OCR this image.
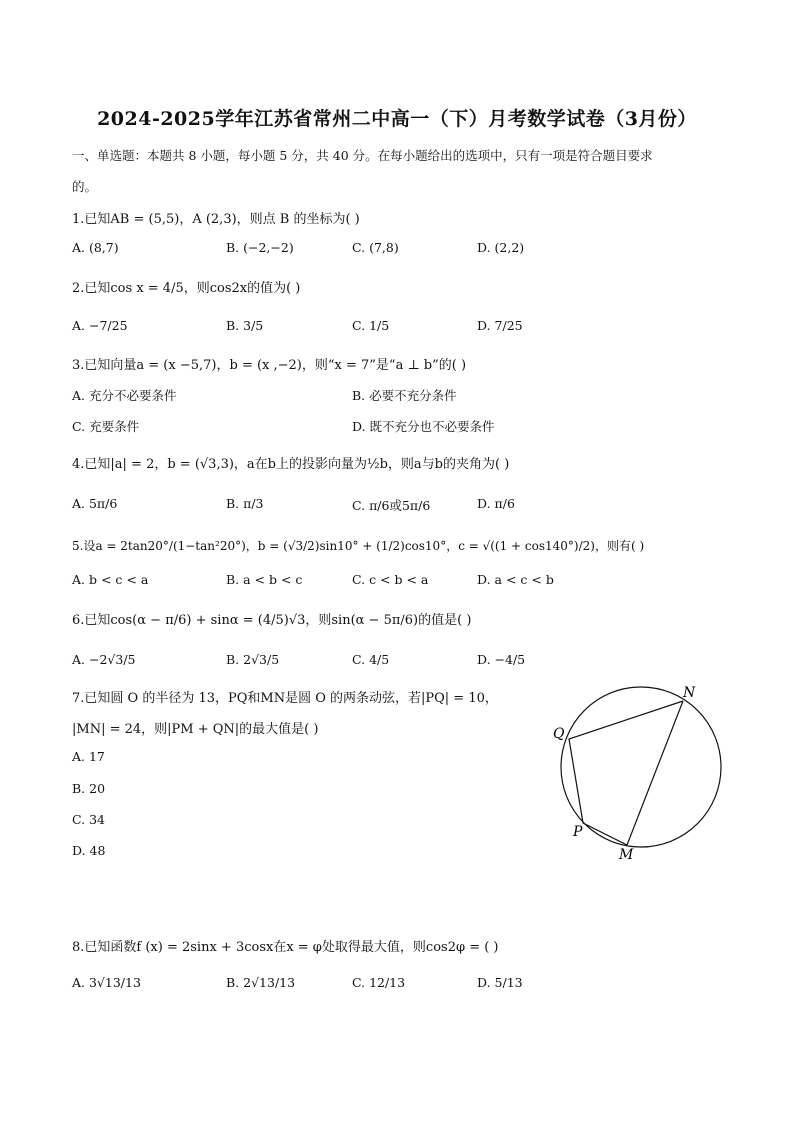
2024-2025学年江苏省常州二中高一（下）月考数学试卷（3月份）
一、单选题：本题共 8 小题，每小题 5 分，共 40 分。在每小题给出的选项中，只有一项是符合题目要求
的。
1.已知AB = (5,5)，A (2,3)，则点 B 的坐标为( )
A. (8,7)	B. (−2,−2)	C. (7,8)	D. (2,2)
2.已知cos x = 4/5，则cos2x的值为( )
A. −7/25	B. 3/5	C. 1/5	D. 7/25
3.已知向量a = (x −5,7)，b = (x ,−2)，则“x = 7”是“a ⊥ b”的( )
A. 充分不必要条件	B. 必要不充分条件
C. 充要条件	D. 既不充分也不必要条件
4.已知|a| = 2，b = (√3,3)，a在b上的投影向量为½b，则a与b的夹角为( )
A. 5π/6	B. π/3	C. π/6或5π/6	D. π/6
5.设a = 2tan20°/(1−tan²20°)，b = (√3/2)sin10° + (1/2)cos10°，c = √((1 + cos140°)/2)，则有( )
A. b < c < a	B. a < b < c	C. c < b < a	D. a < c < b
6.已知cos(α − π/6) + sinα = (4/5)√3，则sin(α − 5π/6)的值是( )
A. −2√3/5	B. 2√3/5	C. 4/5	D. −4/5
7.已知圆 O 的半径为 13，PQ和MN是圆 O 的两条动弦，若|PQ| = 10，
|MN| = 24，则|PM + QN|的最大值是( )
A. 17
B. 20
C. 34
D. 48
N
Q
P
M
8.已知函数f (x) = 2sinx + 3cosx在x = φ处取得最大值，则cos2φ = ( )
A. 3√13/13	B. 2√13/13	C. 12/13	D. 5/13
